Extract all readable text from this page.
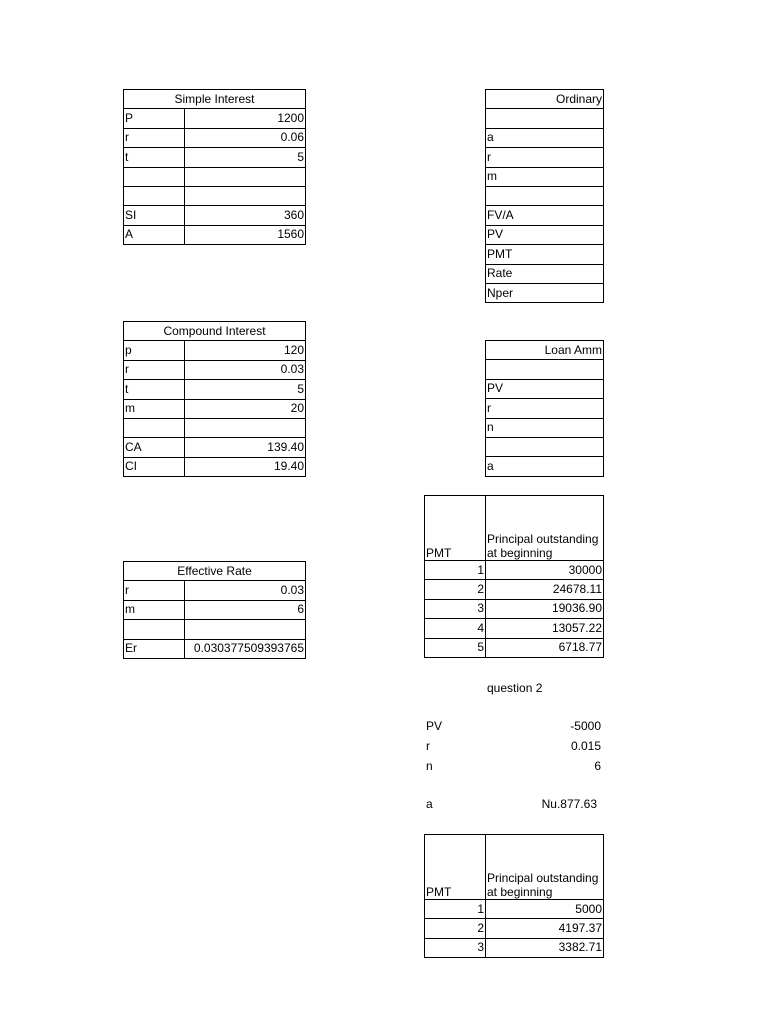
Simple Interest	
P	1200
r	0.06
t	5

SI	360
A	1560
Compound Interest	
p	120
r	0.03
t	5
m	20

CA	139.40
CI	19.40
Effective Rate	
r	0.03
m	6

Er	0.030377509393765
Ordinary

a
r
m

FV/A
PV
PMT
Rate
Nper
Loan Amm

PV
r
n

a
PMT	Principal outstanding at beginning
1	30000
2	24678.11
3	19036.90
4	13057.22
5	6718.77
question 2
PV	-5000
r	0.015
n	6
a	Nu.877.63
PMT	Principal outstanding at beginning
1	5000
2	4197.37
3	3382.71
